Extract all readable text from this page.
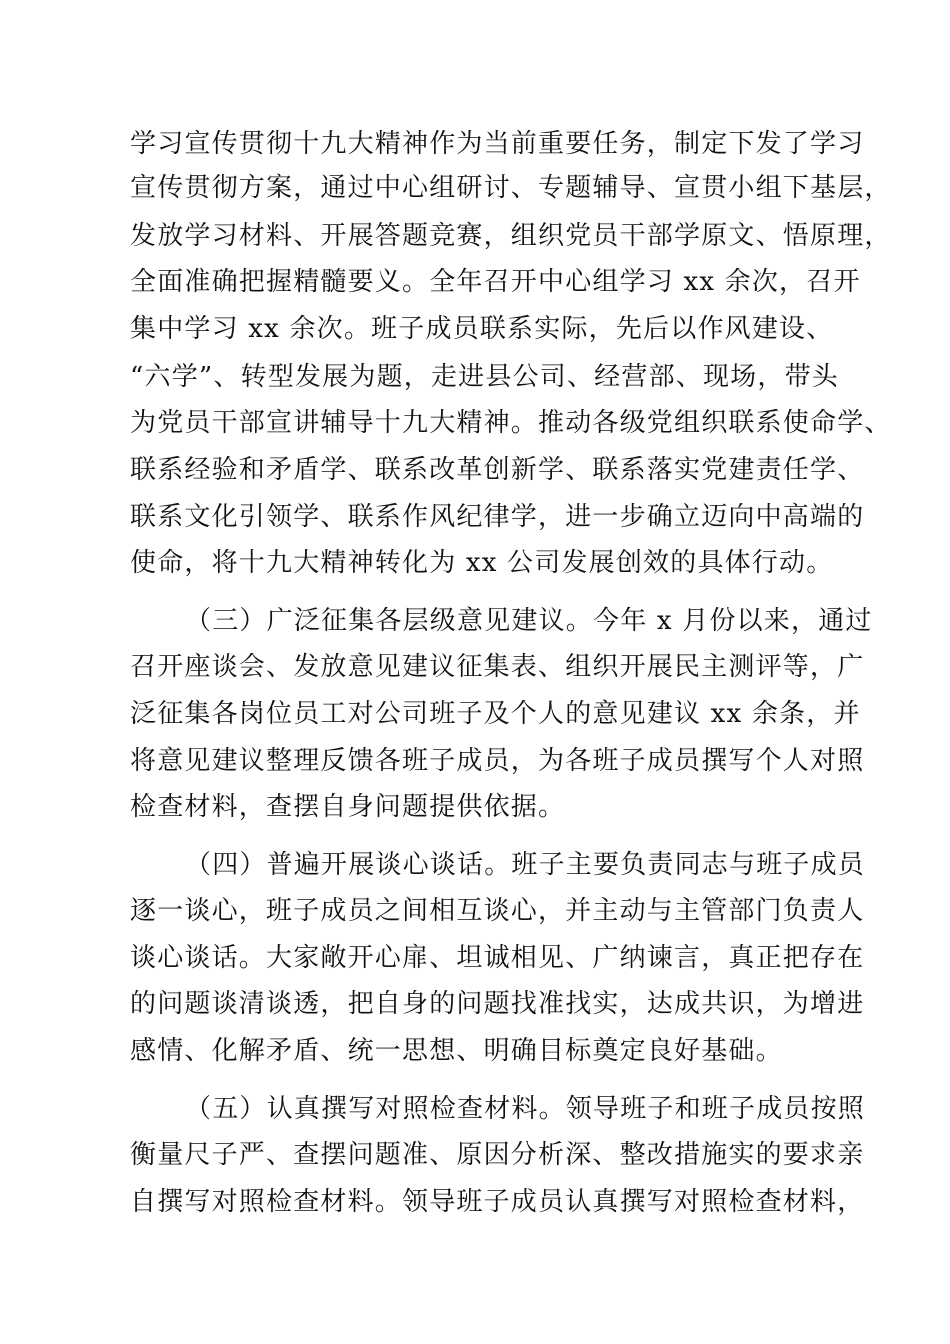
学习宣传贯彻十九大精神作为当前重要任务，制定下发了学习
宣传贯彻方案，通过中心组研讨、专题辅导、宣贯小组下基层，
发放学习材料、开展答题竞赛，组织党员干部学原文、悟原理，
全面准确把握精髓要义。全年召开中心组学习 xx 余次，召开
集中学习 xx 余次。班子成员联系实际，先后以作风建设、
“六学”、转型发展为题，走进县公司、经营部、现场，带头
为党员干部宣讲辅导十九大精神。推动各级党组织联系使命学、
联系经验和矛盾学、联系改革创新学、联系落实党建责任学、
联系文化引领学、联系作风纪律学，进一步确立迈向中高端的
使命，将十九大精神转化为 xx 公司发展创效的具体行动。
（三）广泛征集各层级意见建议。今年 x 月份以来，通过
召开座谈会、发放意见建议征集表、组织开展民主测评等，广
泛征集各岗位员工对公司班子及个人的意见建议 xx 余条，并
将意见建议整理反馈各班子成员，为各班子成员撰写个人对照
检查材料，查摆自身问题提供依据。
（四）普遍开展谈心谈话。班子主要负责同志与班子成员
逐一谈心，班子成员之间相互谈心，并主动与主管部门负责人
谈心谈话。大家敞开心扉、坦诚相见、广纳谏言，真正把存在
的问题谈清谈透，把自身的问题找准找实，达成共识，为增进
感情、化解矛盾、统一思想、明确目标奠定良好基础。
（五）认真撰写对照检查材料。领导班子和班子成员按照
衡量尺子严、查摆问题准、原因分析深、整改措施实的要求亲
自撰写对照检查材料。领导班子成员认真撰写对照检查材料，
